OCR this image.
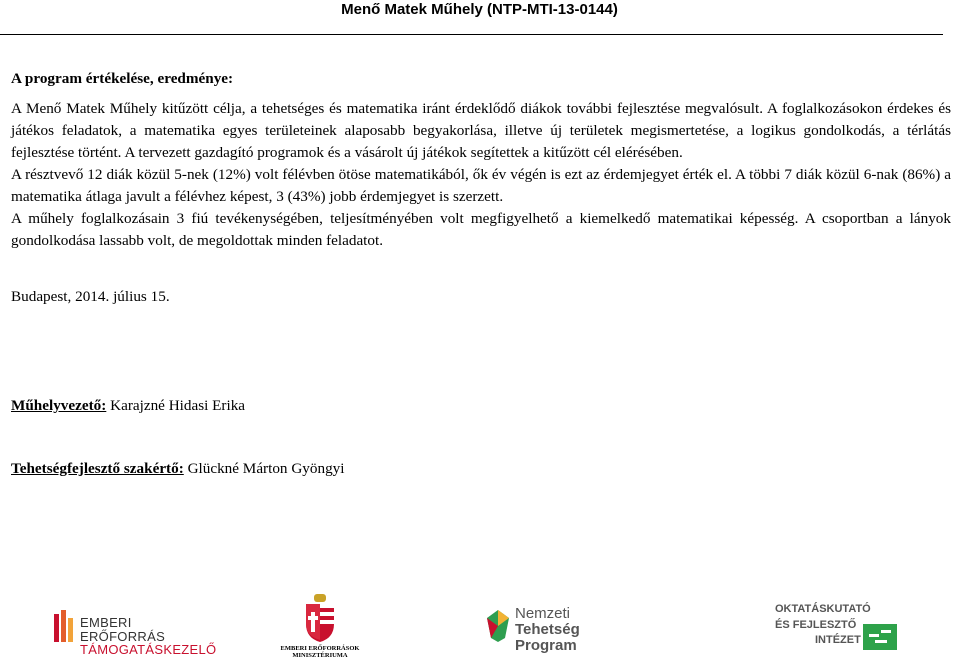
Menő Matek Műhely (NTP-MTI-13-0144)
A program értékelése, eredménye:

A Menő Matek Műhely kitűzött célja, a tehetséges és matematika iránt érdeklődő diákok további fejlesztése megvalósult. A foglalkozásokon érdekes és játékos feladatok, a matematika egyes területeinek alaposabb begyakorlása, illetve új területek megismertetése, a logikus gondolkodás, a térlátás fejlesztése történt. A tervezett gazdagító programok és a vásárolt új játékok segítettek a kitűzött cél elérésében.

A résztvevő 12 diák közül 5-nek (12%) volt félévben ötöse matematikából, ők év végén is ezt az érdemjegyet érték el. A többi 7 diák közül 6-nak (86%) a matematika átlaga javult a félévhez képest, 3 (43%) jobb érdemjegyet is szerzett.

A műhely foglalkozásain 3 fiú tevékenységében, teljesítményében volt megfigyelhető a kiemelkedő matematikai képesség. A csoportban a lányok gondolkodása lassabb volt, de megoldottak minden feladatot.

Budapest, 2014. július 15.

Műhelyvezető: Karajzné Hidasi Erika
Tehetségfejlesztő szakértő: Glückné Márton Gyöngyi
EMBERI ERŐFORRÁS
TÁMOGATÁSKEZELŐ	EMBERI ERŐFORRÁSOK
MINISZTÉRIUMA
Nemzeti
Tehetség Program
OKTATÁSKUTATÓ
ÉS FEJLESZTŐ
INTÉZET
